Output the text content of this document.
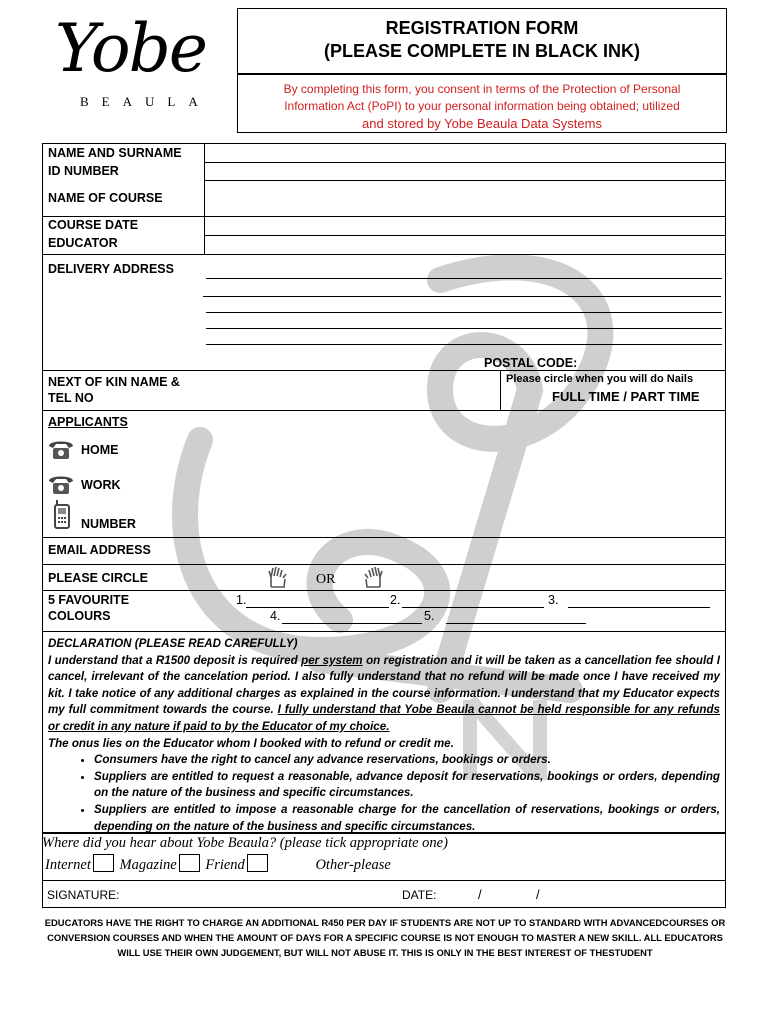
Yobe
BEAULA
REGISTRATION FORM
(PLEASE COMPLETE IN BLACK INK)
By completing this form, you consent in terms of the Protection of Personal
Information Act (PoPI) to your personal information being obtained; utilized
and stored by Yobe Beaula Data Systems
NAME AND SURNAME
ID NUMBER
NAME OF COURSE
COURSE DATE
EDUCATOR
DELIVERY ADDRESS
POSTAL CODE:
NEXT OF KIN NAME &
TEL NO
Please circle when you will do Nails
FULL TIME / PART TIME
APPLICANTS
HOME
WORK
NUMBER
EMAIL ADDRESS
PLEASE CIRCLE	OR
5 FAVOURITE
COLOURS
1.	2.	3.
4.	5.

DECLARATION (PLEASE READ CAREFULLY)

I understand that a R1500 deposit is required per system on registration and it will be taken as a cancellation fee should I cancel, irrelevant of the cancelation period. I also fully understand that no refund will be made once I have received my kit. I take notice of any additional charges as explained in the course information. I understand that my Educator expects my full commitment towards the course. I fully understand that Yobe Beaula cannot be held responsible for any refunds or credit in any nature if paid to by the Educator of my choice.

The onus lies on the Educator whom I booked with to refund or credit me.

• Consumers have the right to cancel any advance reservations, bookings or orders.
• Suppliers are entitled to request a reasonable, advance deposit for reservations, bookings or orders, depending on the nature of the business and specific circumstances.
• Suppliers are entitled to impose a reasonable charge for the cancellation of reservations, bookings or orders, depending on the nature of the business and specific circumstances.
Where did you hear about Yobe Beaula? (please tick appropriate one)
Internet Magazine Friend	Other-please
SIGNATURE:	DATE:	/	/
EDUCATORS HAVE THE RIGHT TO CHARGE AN ADDITIONAL R450 PER DAY IF STUDENTS ARE NOT UP TO STANDARD WITH ADVANCEDCOURSES OR
CONVERSION COURSES AND WHEN THE AMOUNT OF DAYS FOR A SPECIFIC COURSE IS NOT ENOUGH TO MASTER A NEW SKILL. ALL EDUCATORS
WILL USE THEIR OWN JUDGEMENT, BUT WILL NOT ABUSE IT. THIS IS ONLY IN THE BEST INTEREST OF THESTUDENT
